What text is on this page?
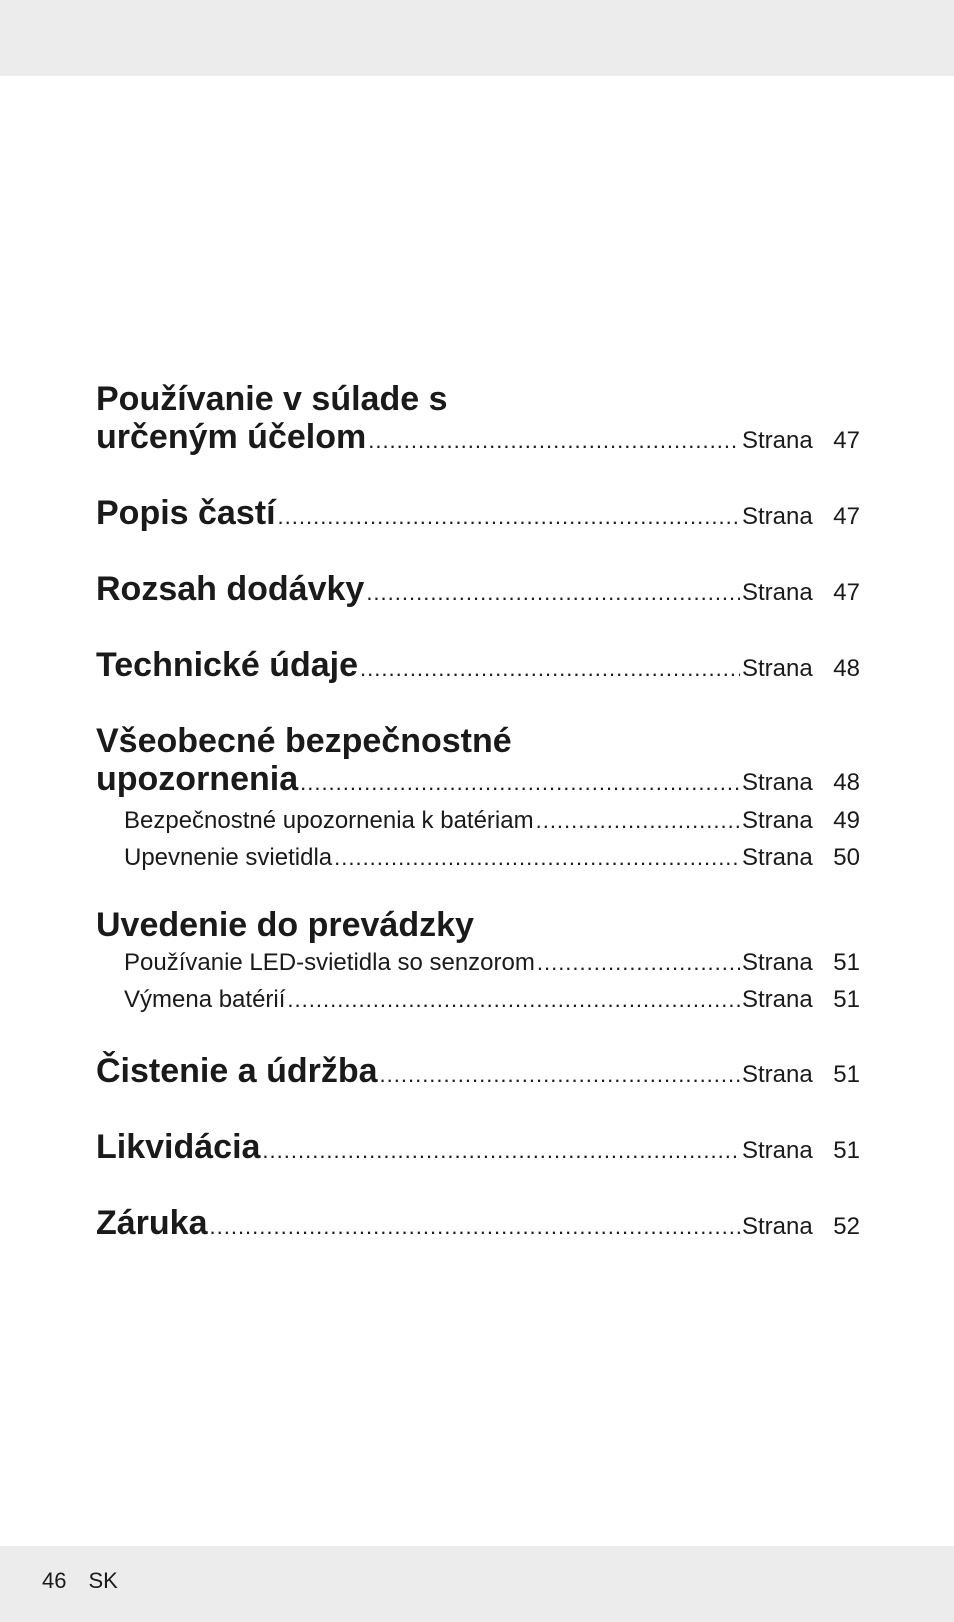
Používanie v súlade s
určeným účelom .....	Strana 47
Popis častí .....	Strana 47
Rozsah dodávky .....	Strana 47
Technické údaje .....	Strana 48
Všeobecné bezpečnostné
upozornenia .....	Strana 48
Bezpečnostné upozornenia k batériam .....	Strana 49
Upevnenie svietidla .....	Strana 50
Uvedenie do prevádzky
Používanie LED-svietidla so senzorom .....	Strana 51
Výmena batérií .....	Strana 51
Čistenie a údržba .....	Strana 51
Likvidácia .....	Strana 51
Záruka .....	Strana 52
46 SK
